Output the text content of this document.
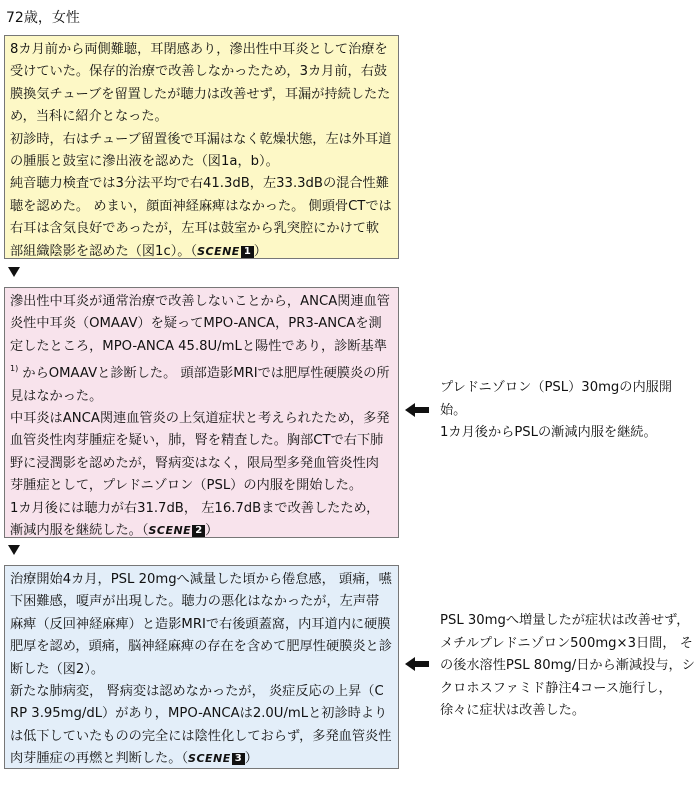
72歳，女性

8カ月前から両側難聴，耳閉感あり，滲出性中耳炎として治療を受けていた。保存的治療で改善しなかったため，3カ月前，右鼓膜換気チューブを留置したが聴力は改善せず，耳漏が持続したため，当科に紹介となった。

初診時，右はチューブ留置後で耳漏はなく乾燥状態，左は外耳道の腫脹と鼓室に滲出液を認めた（図1a，b）。

純音聴力検査では3分法平均で右41.3dB，左33.3dBの混合性難聴を認めた。 めまい，顔面神経麻痺はなかった。 側頭骨CTでは右耳は含気良好であったが，左耳は鼓室から乳突腔にかけて軟部組織陰影を認めた（図1c）。（SCENE 1 ）

滲出性中耳炎が通常治療で改善しないことから，ANCA関連血管炎性中耳炎（OMAAV）を疑ってMPO-ANCA，PR3-ANCAを測定したところ，MPO-ANCA 45.8U/mLと陽性であり，診断基準$^{1)}$ からOMAAVと診断した。 頭部造影MRIでは肥厚性硬膜炎の所見はなかった。

中耳炎はANCA関連血管炎の上気道症状と考えられたため，多発血管炎性肉芽腫症を疑い，肺，腎を精査した。胸部CTで右下肺野に浸潤影を認めたが，腎病変はなく，限局型多発血管炎性肉芽腫症として，プレドニゾロン（PSL）の内服を開始した。

1カ月後には聴力が右31.7dB， 左16.7dBまで改善したため，漸減内服を継続した。（SCENE 2 ）

プレドニゾロン（PSL）30mgの内服開始。
1カ月後からPSLの漸減内服を継続。

治療開始4カ月，PSL 20mgへ減量した頃から倦怠感， 頭痛，嚥下困難感，嗄声が出現した。聴力の悪化はなかったが，左声帯麻痺（反回神経麻痺）と造影MRIで右後頭蓋窩，内耳道内に硬膜肥厚を認め，頭痛，脳神経麻痺の存在を含めて肥厚性硬膜炎と診断した（図2）。

新たな肺病変， 腎病変は認めなかったが， 炎症反応の上昇（CRP 3.95mg/dL）があり，MPO-ANCAは2.0U/mLと初診時よりは低下していたものの完全には陰性化しておらず，多発血管炎性肉芽腫症の再燃と判断した。（SCENE 3 ）

PSL 30mgへ増量したが症状は改善せず，メチルプレドニゾロン500mg×3日間， その後水溶性PSL 80mg/日から漸減投与，シクロホスファミド静注4コース施行し，徐々に症状は改善した。
